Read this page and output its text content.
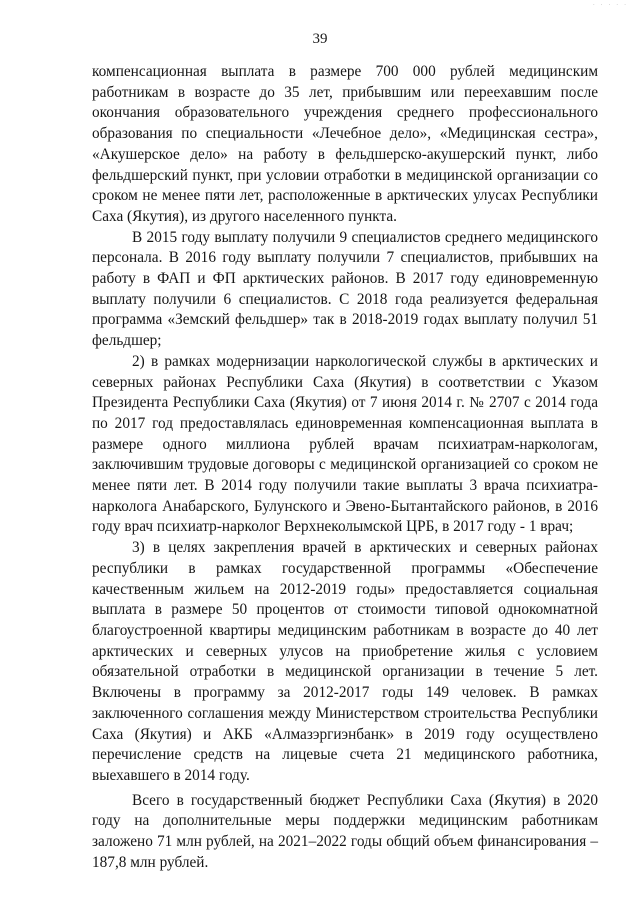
· · · · ·
39

компенсационная выплата в размере 700 000 рублей медицинским работникам в возрасте до 35 лет, прибывшим или переехавшим после окончания образовательного учреждения среднего профессионального образования по специальности «Лечебное дело», «Медицинская сестра», «Акушерское дело» на работу в фельдшерско-акушерский пункт, либо фельдшерский пункт, при условии отработки в медицинской организации со сроком не менее пяти лет, расположенные в арктических улусах Республики Саха (Якутия), из другого населенного пункта.

В 2015 году выплату получили 9 специалистов среднего медицинского персонала. В 2016 году выплату получили 7 специалистов, прибывших на работу в ФАП и ФП арктических районов. В 2017 году единовременную выплату получили 6 специалистов. С 2018 года реализуется федеральная программа «Земский фельдшер» так в 2018-2019 годах выплату получил 51 фельдшер;

2) в рамках модернизации наркологической службы в арктических и северных районах Республики Саха (Якутия) в соответствии с Указом Президента Республики Саха (Якутия) от 7 июня 2014 г. № 2707 с 2014 года по 2017 год предоставлялась единовременная компенсационная выплата в размере одного миллиона рублей врачам психиатрам-наркологам, заключившим трудовые договоры с медицинской организацией со сроком не менее пяти лет. В 2014 году получили такие выплаты 3 врача психиатра-нарколога Анабарского, Булунского и Эвено-Бытантайского районов, в 2016 году врач психиатр-нарколог Верхнеколымской ЦРБ, в 2017 году - 1 врач;

3) в целях закрепления врачей в арктических и северных районах республики в рамках государственной программы «Обеспечение качественным жильем на 2012-2019 годы» предоставляется социальная выплата в размере 50 процентов от стоимости типовой однокомнатной благоустроенной квартиры медицинским работникам в возрасте до 40 лет арктических и северных улусов на приобретение жилья с условием обязательной отработки в медицинской организации в течение 5 лет. Включены в программу за 2012-2017 годы 149 человек. В рамках заключенного соглашения между Министерством строительства Республики Саха (Якутия) и АКБ «Алмазэргиэнбанк» в 2019 году осуществлено перечисление средств на лицевые счета 21 медицинского работника, выехавшего в 2014 году.

Всего в государственный бюджет Республики Саха (Якутия) в 2020 году на дополнительные меры поддержки медицинским работникам заложено 71 млн рублей, на 2021–2022 годы общий объем финансирования – 187,8 млн рублей.
